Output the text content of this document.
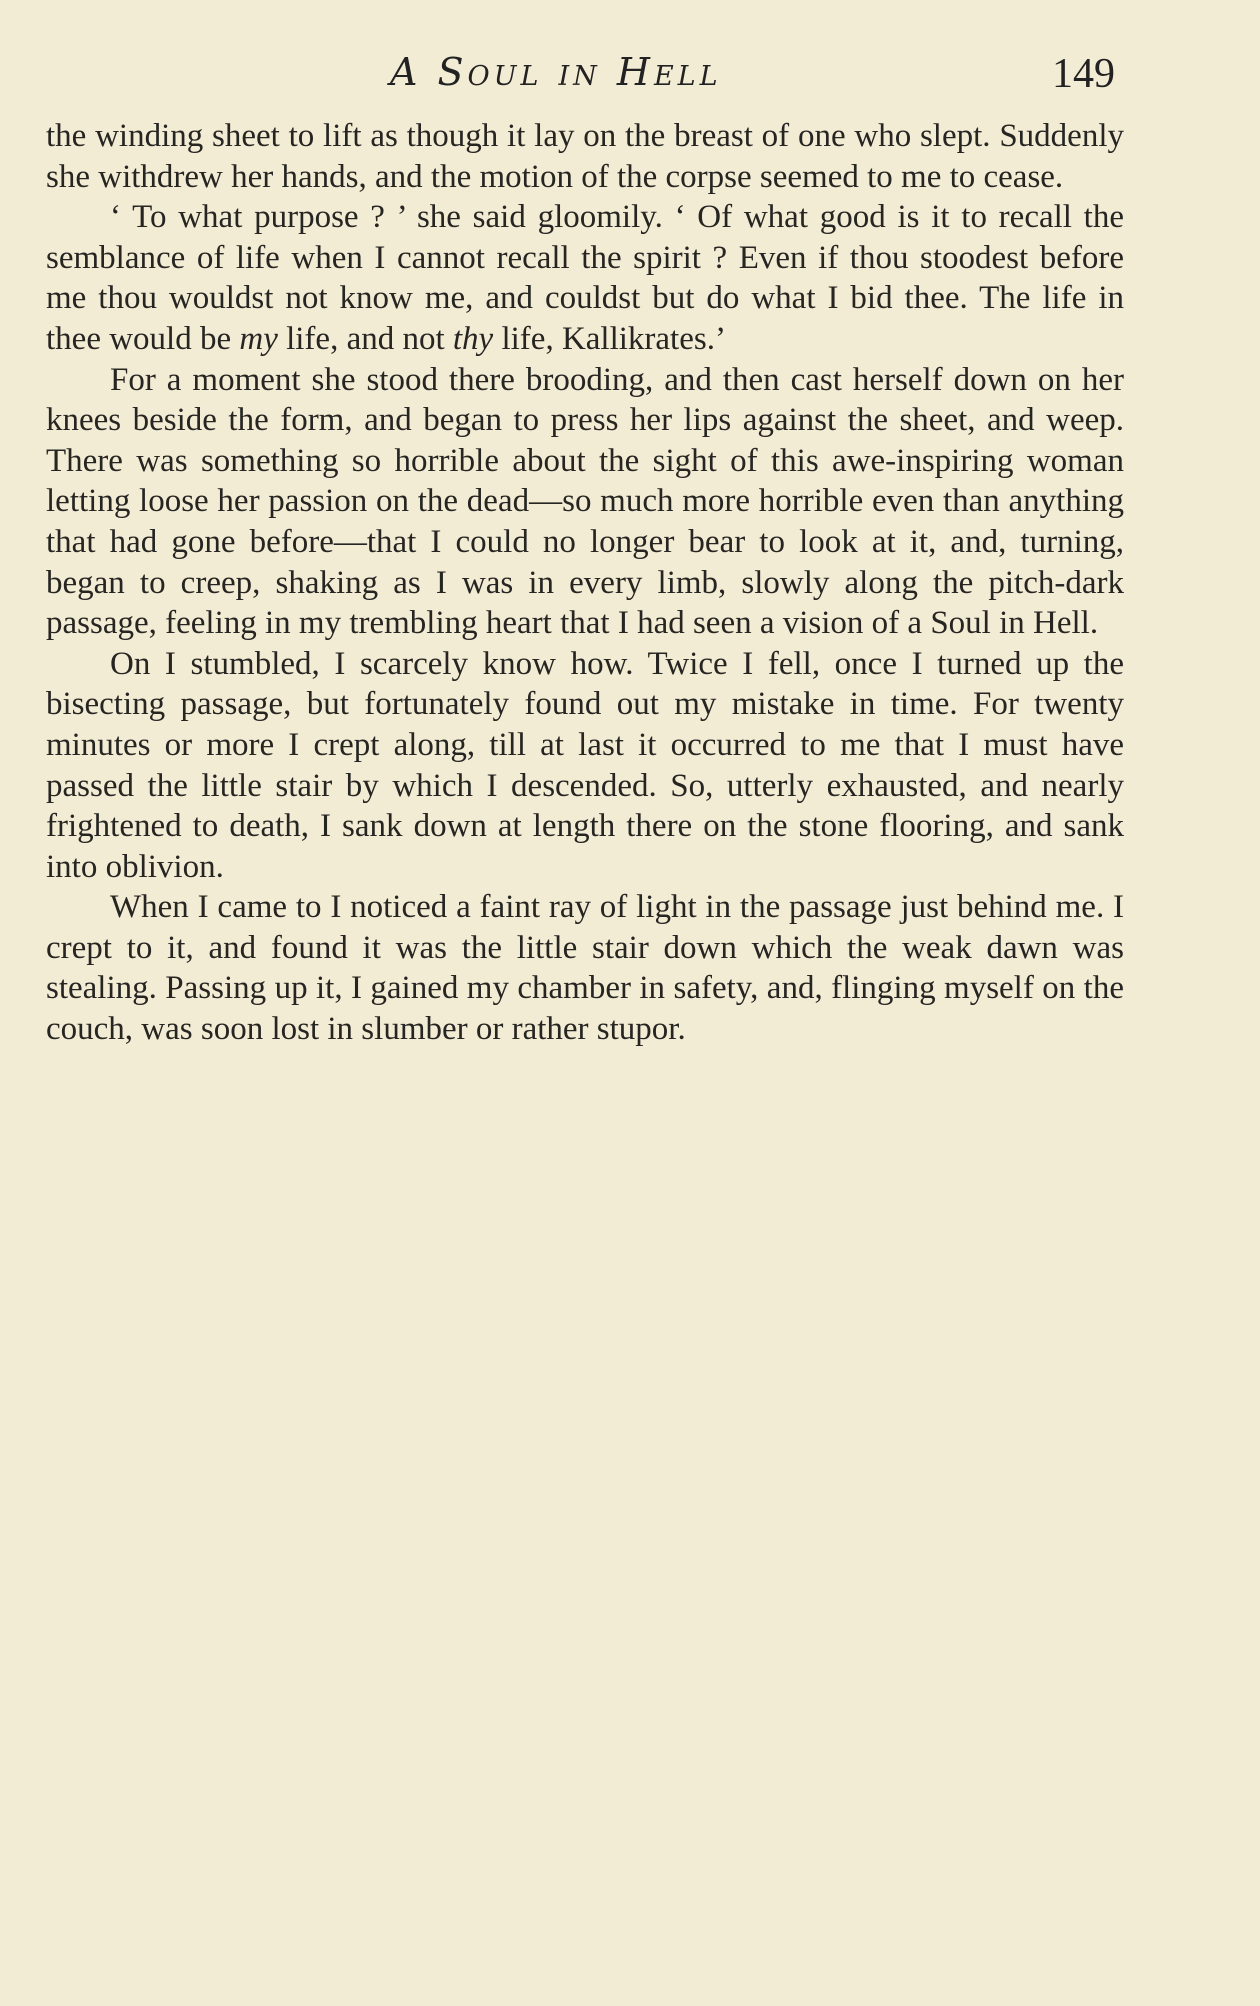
A Soul in Hell	149

the winding sheet to lift as though it lay on the breast of one who slept. Suddenly she withdrew her hands, and the motion of the corpse seemed to me to cease.

‘ To what purpose ? ’ she said gloomily. ‘ Of what good is it to recall the semblance of life when I cannot recall the spirit ? Even if thou stoodest before me thou wouldst not know me, and couldst but do what I bid thee. The life in thee would be my life, and not thy life, Kallikrates.’

For a moment she stood there brooding, and then cast herself down on her knees beside the form, and began to press her lips against the sheet, and weep. There was something so horrible about the sight of this awe-inspiring woman letting loose her passion on the dead—so much more horrible even than anything that had gone before—that I could no longer bear to look at it, and, turning, began to creep, shaking as I was in every limb, slowly along the pitch-dark passage, feeling in my trembling heart that I had seen a vision of a Soul in Hell.

On I stumbled, I scarcely know how. Twice I fell, once I turned up the bisecting passage, but fortunately found out my mistake in time. For twenty minutes or more I crept along, till at last it occurred to me that I must have passed the little stair by which I descended. So, utterly exhausted, and nearly frightened to death, I sank down at length there on the stone flooring, and sank into oblivion.

When I came to I noticed a faint ray of light in the passage just behind me. I crept to it, and found it was the little stair down which the weak dawn was stealing. Passing up it, I gained my chamber in safety, and, flinging myself on the couch, was soon lost in slumber or rather stupor.
